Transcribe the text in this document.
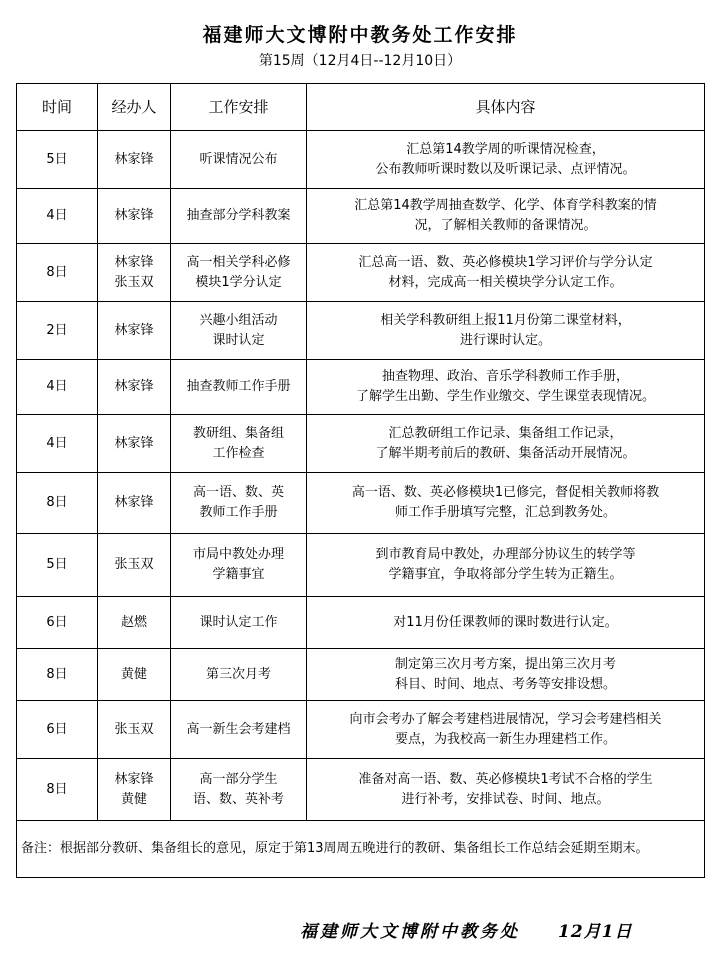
福建师大文博附中教务处工作安排
第15周（12月4日--12月10日）
时间	经办人	工作安排	具体内容
5日	林家锋	听课情况公布	汇总第14教学周的听课情况检查，
公布教师听课时数以及听课记录、点评情况。

4日	林家锋	抽查部分学科教案	汇总第14教学周抽查数学、化学、体育学科教案的情
况，了解相关教师的备课情况。

8日	林家锋
张玉双	高一相关学科必修
模块1学分认定	汇总高一语、数、英必修模块1学习评价与学分认定
材料，完成高一相关模块学分认定工作。

2日	林家锋	兴趣小组活动
课时认定	相关学科教研组上报11月份第二课堂材料，
进行课时认定。

4日	林家锋	抽查教师工作手册	抽查物理、政治、音乐学科教师工作手册，
了解学生出勤、学生作业缴交、学生课堂表现情况。

4日	林家锋	教研组、集备组
工作检查	汇总教研组工作记录、集备组工作记录，
了解半期考前后的教研、集备活动开展情况。

8日	林家锋	高一语、数、英
教师工作手册	高一语、数、英必修模块1已修完，督促相关教师将教
师工作手册填写完整，汇总到教务处。

5日	张玉双	市局中教处办理
学籍事宜	到市教育局中教处，办理部分协议生的转学等
学籍事宜，争取将部分学生转为正籍生。

6日	赵燃	课时认定工作	对11月份任课教师的课时数进行认定。

8日	黄健	第三次月考	制定第三次月考方案，提出第三次月考
科目、时间、地点、考务等安排设想。

6日	张玉双	高一新生会考建档	向市会考办了解会考建档进展情况，学习会考建档相关
要点，为我校高一新生办理建档工作。

8日	林家锋
黄健	高一部分学生
语、数、英补考	准备对高一语、数、英必修模块1考试不合格的学生
进行补考，安排试卷、时间、地点。

备注：根据部分教研、集备组长的意见，原定于第13周周五晚进行的教研、集备组长工作总结会延期至期末。			
福建师大文博附中教务处 12月1日
